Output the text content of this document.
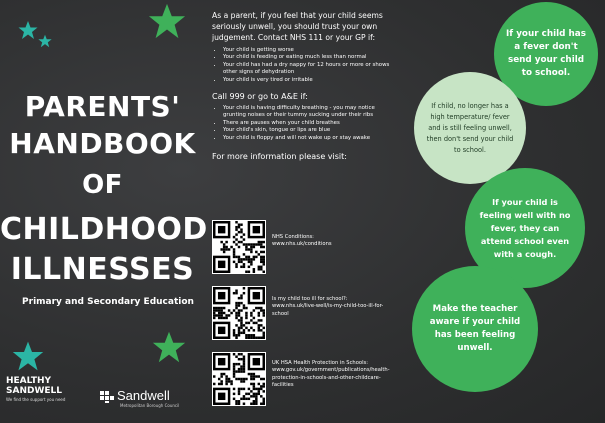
PARENTS'
HANDBOOK
OF
CHILDHOOD
ILLNESSES
Primary and Secondary Education
HEALTHY SANDWELL
We find the support you need	Sandwell
Metropolitan Borough Council

As a parent, if you feel that your child seems seriously unwell, you should trust your own judgement. Contact NHS 111 or your GP if:

• Your child is getting worse
• Your child is feeding or eating much less than normal
• Your child has had a dry nappy for 12 hours or more or shows other signs of dehydration
• Your child is very tired or irritable
Call 999 or go to A&E if:
• Your child is having difficulty breathing - you may notice grunting noises or their tummy sucking under their ribs
• There are pauses when your child breathes
• Your child's skin, tongue or lips are blue
• Your child is floppy and will not wake up or stay awake
For more information please visit:
NHS Conditions:
www.nhs.uk/conditions
Is my child too ill for school?:
www.nhs.uk/live-well/is-my-child-too-ill-for-school
UK HSA Health Protection in Schools:
www.gov.uk/government/publications/health-protection-in-schools-and-other-childcare-facilities
If your child has a fever don't send your child to school.
If child, no longer has a high temperature/ fever and is still feeling unwell, then don't send your child to school.
If your child is feeling well with no fever, they can attend school even with a cough.
Make the teacher aware if your child has been feeling unwell.
